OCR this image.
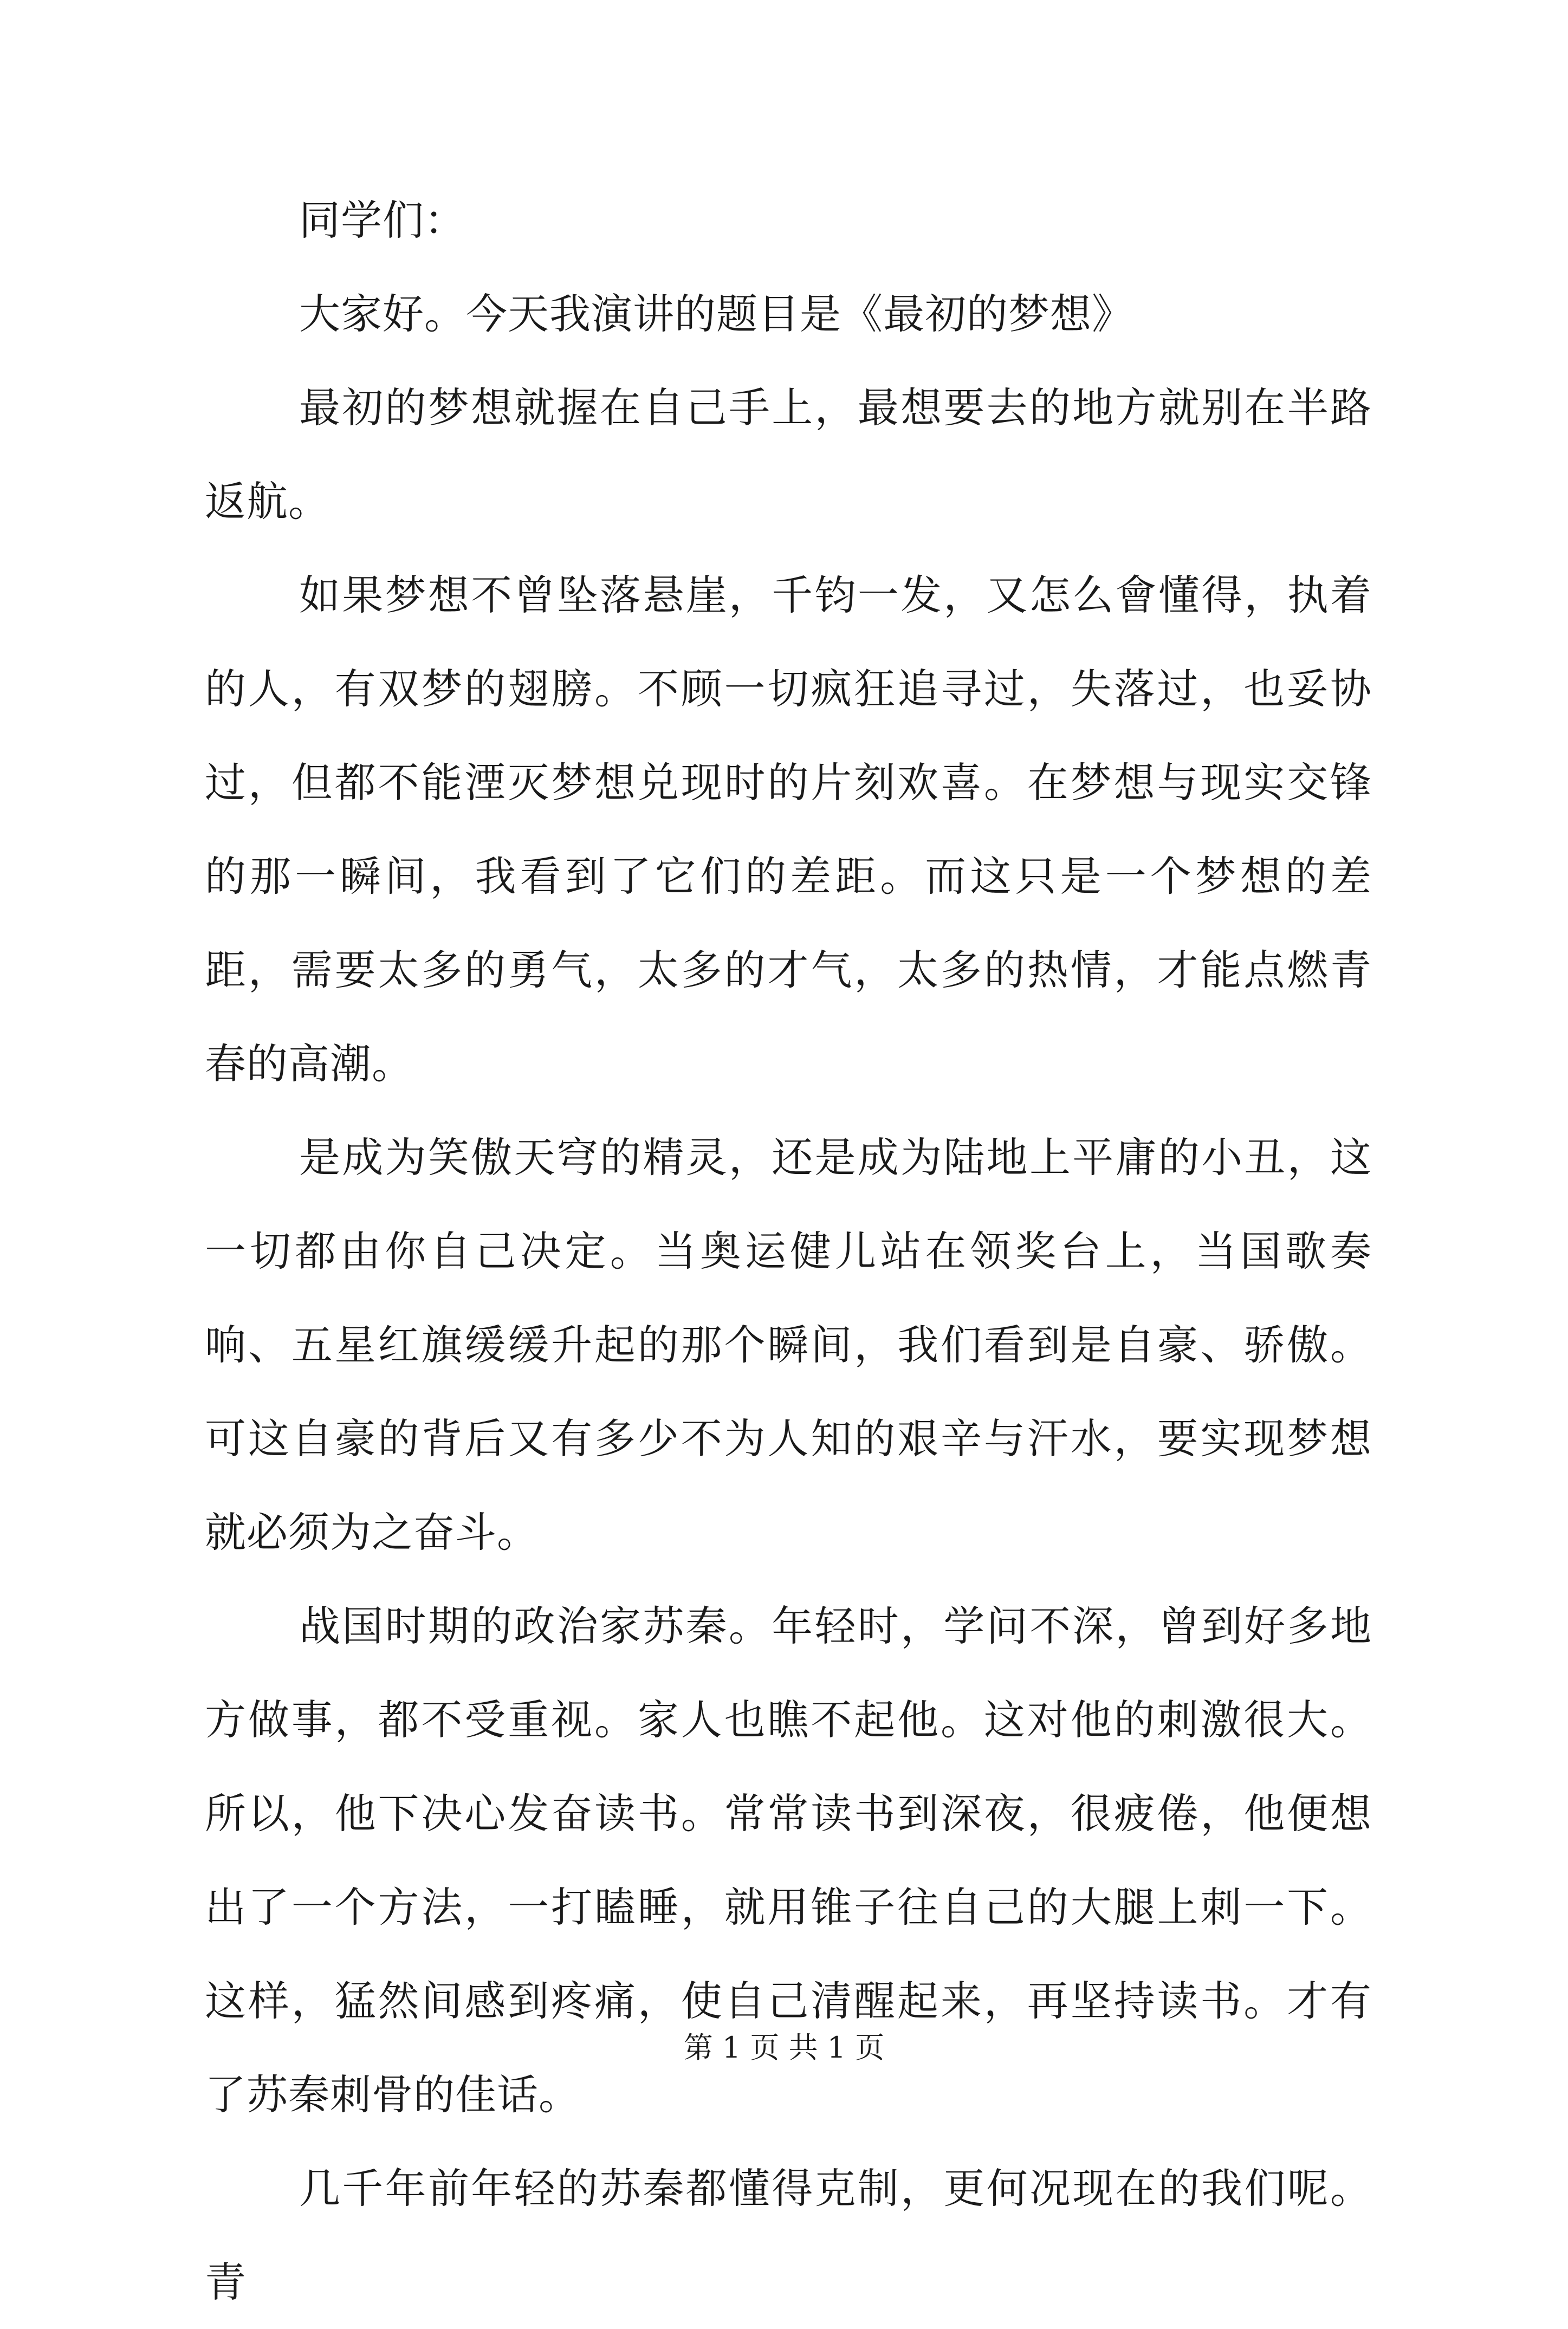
同学们：

大家好。今天我演讲的题目是《最初的梦想》

最初的梦想就握在自己手上，最想要去的地方就别在半路返航。

如果梦想不曾坠落悬崖，千钧一发，又怎么會懂得，执着的人，有双梦的翅膀。不顾一切疯狂追寻过，失落过，也妥协过，但都不能湮灭梦想兑现时的片刻欢喜。在梦想与现实交锋的那一瞬间，我看到了它们的差距。而这只是一个梦想的差距，需要太多的勇气，太多的才气，太多的热情，才能点燃青春的高潮。

是成为笑傲天穹的精灵，还是成为陆地上平庸的小丑，这一切都由你自己决定。当奥运健儿站在领奖台上，当国歌奏响、五星红旗缓缓升起的那个瞬间，我们看到是自豪、骄傲。可这自豪的背后又有多少不为人知的艰辛与汗水，要实现梦想就必须为之奋斗。

战国时期的政治家苏秦。年轻时，学问不深，曾到好多地方做事，都不受重视。家人也瞧不起他。这对他的刺激很大。所以，他下决心发奋读书。常常读书到深夜，很疲倦，他便想出了一个方法，一打瞌睡，就用锥子往自己的大腿上刺一下。这样，猛然间感到疼痛，使自己清醒起来，再坚持读书。才有了苏秦刺骨的佳话。

几千年前年轻的苏秦都懂得克制，更何况现在的我们呢。青

第 1 页 共 1 页
